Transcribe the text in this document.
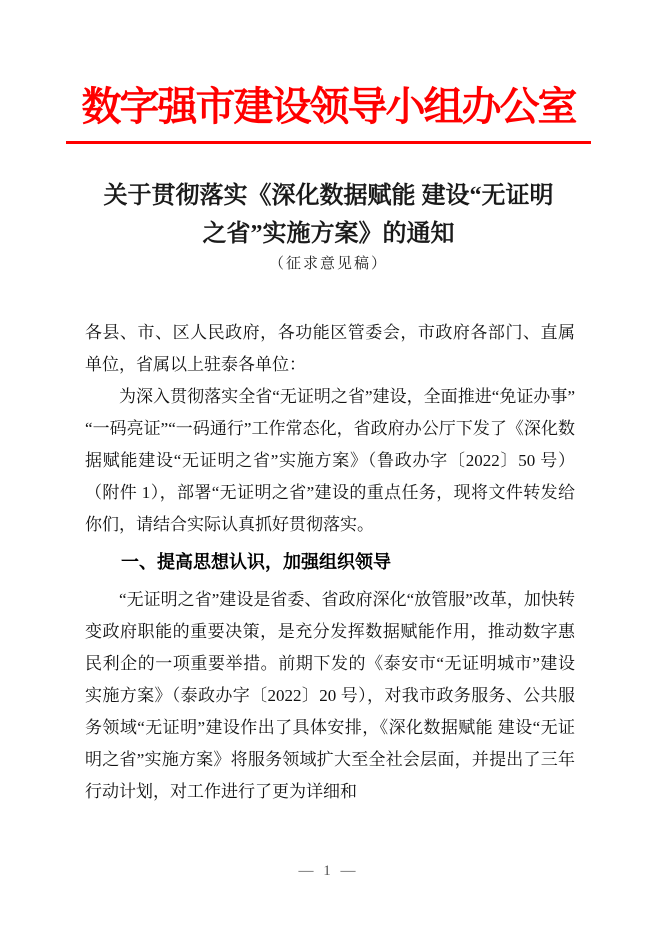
数字强市建设领导小组办公室
关于贯彻落实《深化数据赋能 建设“无证明
之省”实施方案》的通知
（征求意见稿）

各县、市、区人民政府，各功能区管委会，市政府各部门、直属单位，省属以上驻泰各单位：

为深入贯彻落实全省“无证明之省”建设，全面推进“免证办事”“一码亮证”“一码通行”工作常态化，省政府办公厅下发了《深化数据赋能建设“无证明之省”实施方案》（鲁政办字〔2022〕50 号）（附件 1），部署“无证明之省”建设的重点任务，现将文件转发给你们，请结合实际认真抓好贯彻落实。

一、提高思想认识，加强组织领导

“无证明之省”建设是省委、省政府深化“放管服”改革，加快转变政府职能的重要决策，是充分发挥数据赋能作用，推动数字惠民利企的一项重要举措。前期下发的《泰安市“无证明城市”建设实施方案》（泰政办字〔2022〕20 号），对我市政务服务、公共服务领域“无证明”建设作出了具体安排，《深化数据赋能 建设“无证明之省”实施方案》将服务领域扩大至全社会层面，并提出了三年行动计划，对工作进行了更为详细和

— 1 —
